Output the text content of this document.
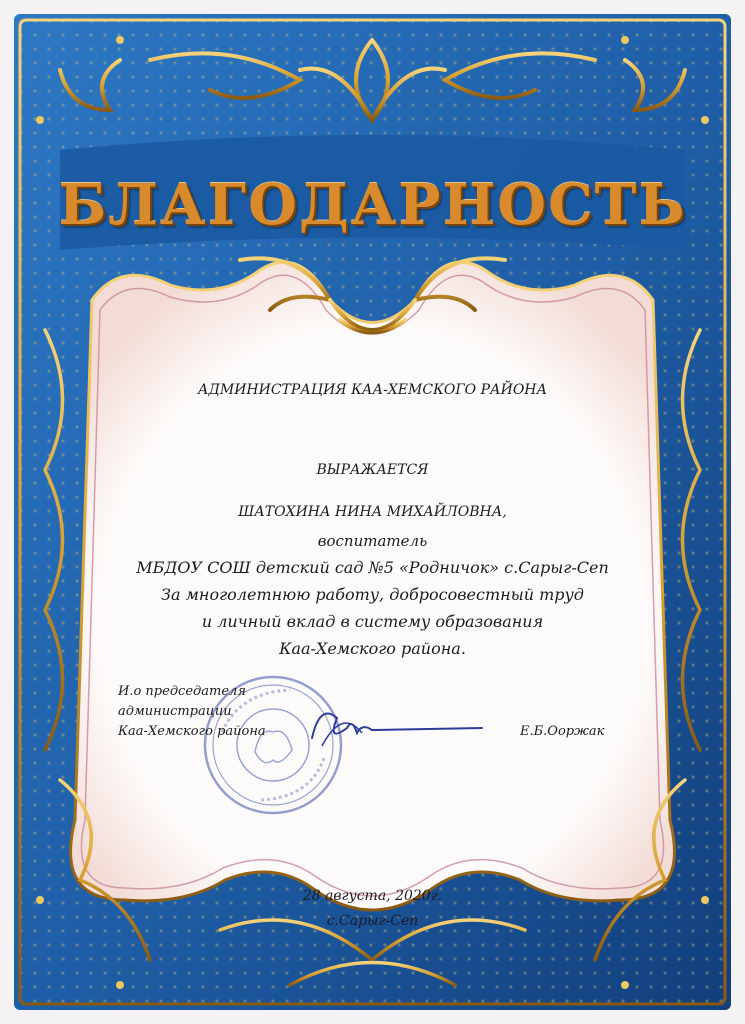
БЛАГОДАРНОСТЬ
АДМИНИСТРАЦИЯ КАА-ХЕМСКОГО РАЙОНА
ВЫРАЖАЕТСЯ
ШАТОХИНА НИНА МИХАЙЛОВНА,
воспитатель
МБДОУ СОШ детский сад №5 «Родничок» с.Сарыг-Сеп
За многолетнюю работу, добросовестный труд
и личный вклад в систему образования
Каа-Хемского района.
И.о председателя
администрации
Каа-Хемского района	Е.Б.Ооржак
28 августа, 2020г.
с.Сарыг-Сеп
